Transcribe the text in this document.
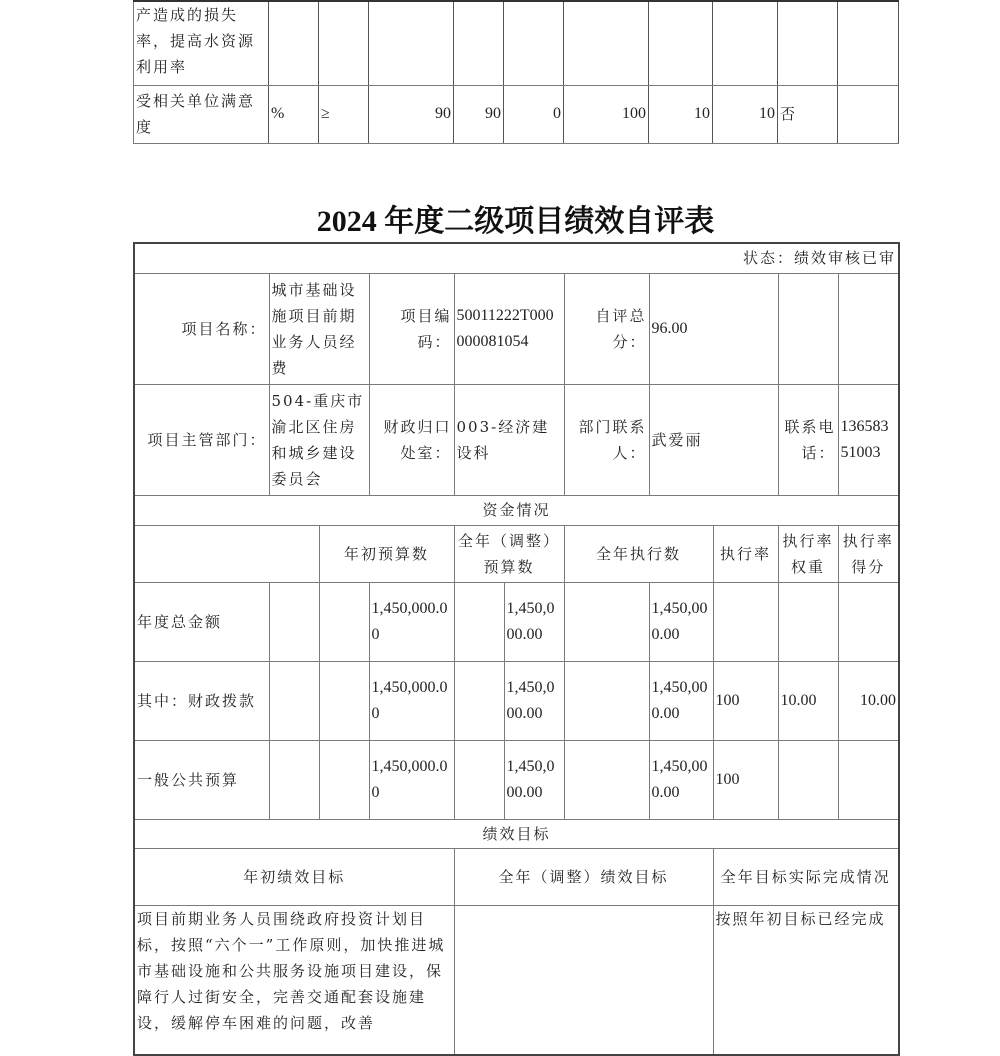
产造成的损失率，提高水资源利用率										
受相关单位满意度	%	≥	90	90	0	100	10	10	否	
2024 年度二级项目绩效自评表
状态：绩效审核已审										
项目名称：	城市基础设施项目前期业务人员经费		项目编码：	50011222T000000081054		自评总分：	96.00			
项目主管部门：	504-重庆市渝北区住房和城乡建设委员会		财政归口处室：	003-经济建设科		部门联系人：	武爱丽		联系电话：	13658351003
资金情况										
		年初预算数		全年（调整）预算数		全年执行数		执行率	执行率权重	执行率得分
年度总金额			1,450,000.00		1,450,000.00		1,450,000.00			
其中：财政拨款			1,450,000.00		1,450,000.00		1,450,000.00	100	10.00	10.00
一般公共预算			1,450,000.00		1,450,000.00		1,450,000.00	100		
绩效目标										
年初绩效目标				全年（调整）绩效目标				全年目标实际完成情况		
项目前期业务人员围绕政府投资计划目标，按照“六个一”工作原则，加快推进城市基础设施和公共服务设施项目建设，保障行人过街安全，完善交通配套设施建设，缓解停车困难的问题，改善								按照年初目标已经完成		
